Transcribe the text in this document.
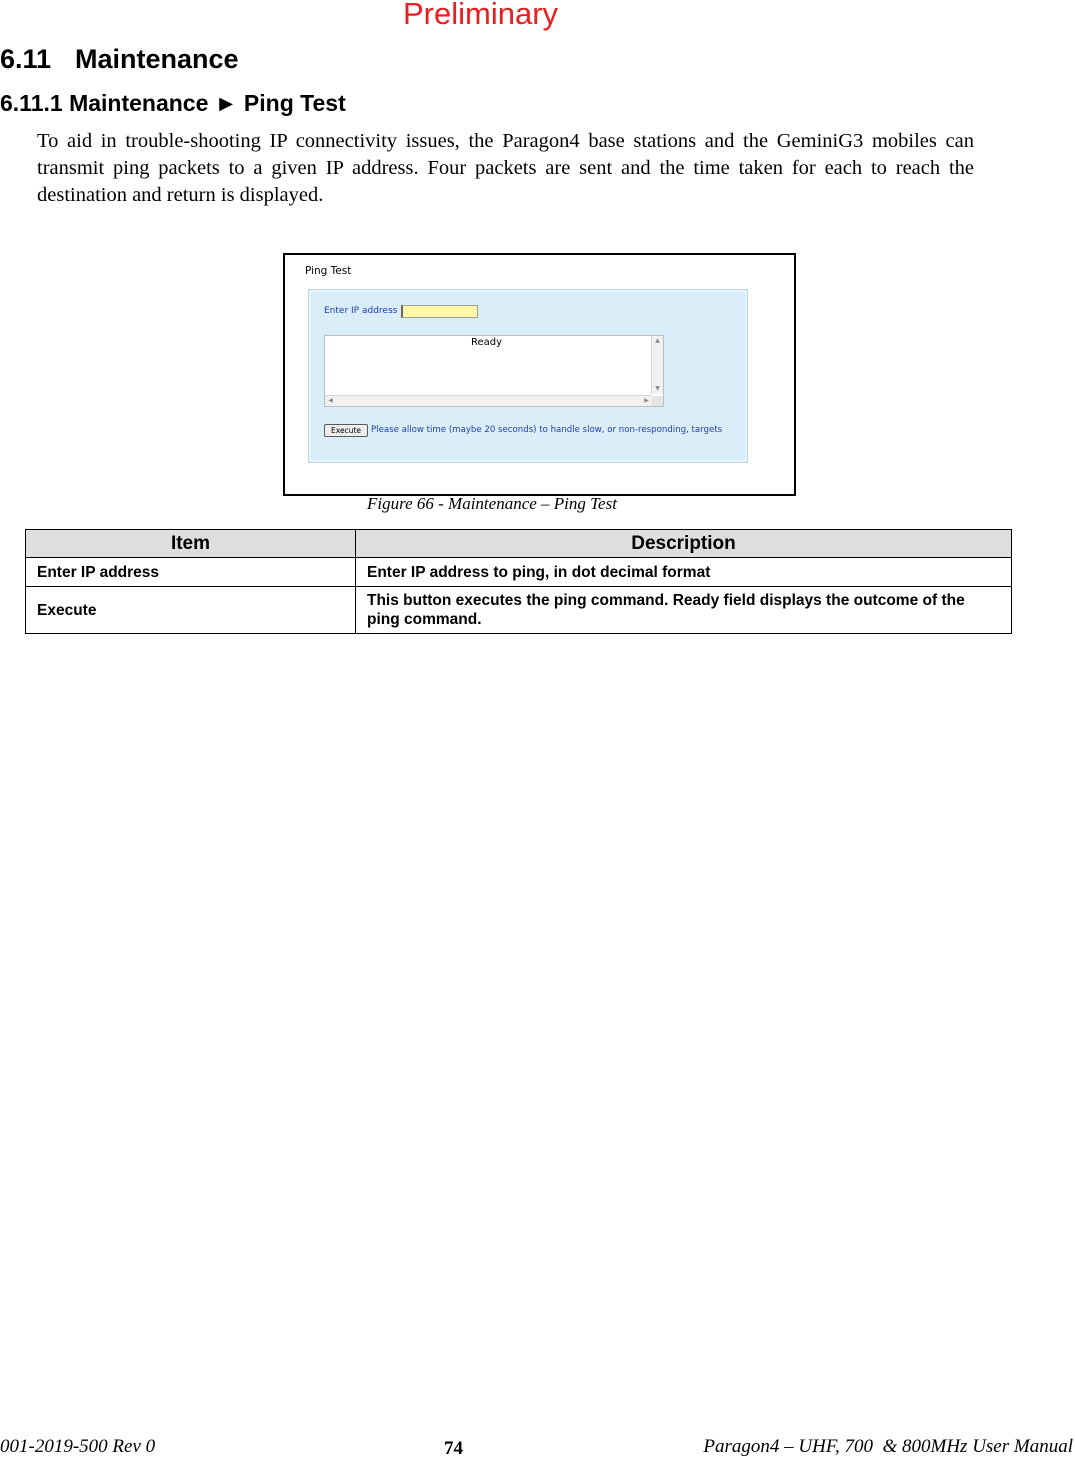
Preliminary
6.11 Maintenance
6.11.1 Maintenance ► Ping Test
To aid in trouble-shooting IP connectivity issues, the Paragon4 base stations and the GeminiG3 mobiles can transmit ping packets to a given IP address. Four packets are sent and the time taken for each to reach the destination and return is displayed.
Ping Test
Enter IP address
Ready	▲
▼
◀	▶
Execute	Please allow time (maybe 20 seconds) to handle slow, or non-responding, targets
Figure 66 - Maintenance – Ping Test
Item	Description
Enter IP address	Enter IP address to ping, in dot decimal format
Execute	This button executes the ping command. Ready field displays the outcome of the ping command.
001-2019-500 Rev 0	74	Paragon4 – UHF, 700  & 800MHz User Manual
